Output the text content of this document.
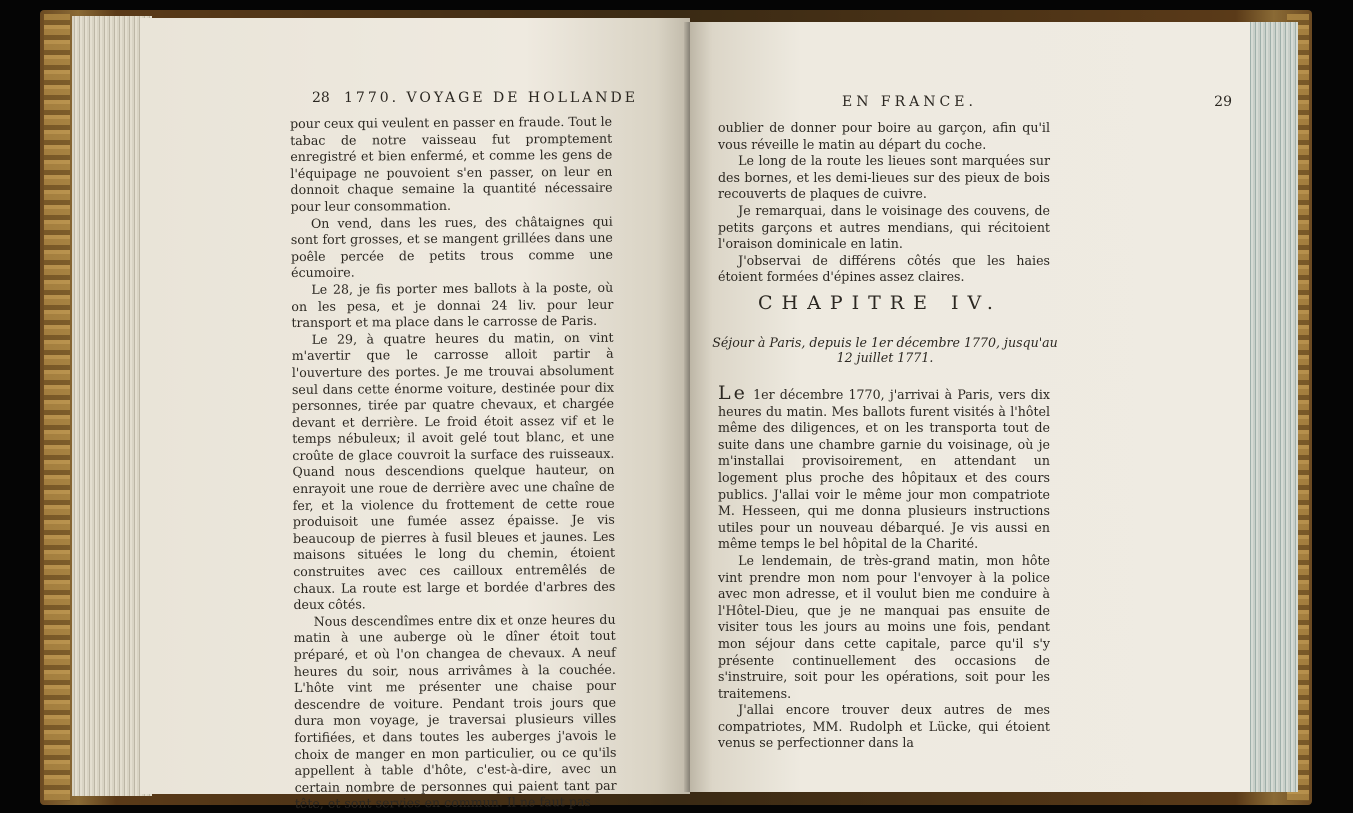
28 1770. VOYAGE DE HOLLANDE

pour ceux qui veulent en passer en fraude. Tout le tabac de notre vaisseau fut promptement enregistré et bien enfermé, et comme les gens de l'équipage ne pouvoient s'en passer, on leur en donnoit chaque semaine la quantité nécessaire pour leur consommation.

On vend, dans les rues, des châtaignes qui sont fort grosses, et se mangent grillées dans une poêle percée de petits trous comme une écumoire.

Le 28, je fis porter mes ballots à la poste, où on les pesa, et je donnai 24 liv. pour leur transport et ma place dans le carrosse de Paris.

Le 29, à quatre heures du matin, on vint m'avertir que le carrosse alloit partir à l'ouverture des portes. Je me trouvai absolument seul dans cette énorme voiture, destinée pour dix personnes, tirée par quatre chevaux, et chargée devant et derrière. Le froid étoit assez vif et le temps nébuleux; il avoit gelé tout blanc, et une croûte de glace couvroit la surface des ruisseaux. Quand nous descendions quelque hauteur, on enrayoit une roue de derrière avec une chaîne de fer, et la violence du frottement de cette roue produisoit une fumée assez épaisse. Je vis beaucoup de pierres à fusil bleues et jaunes. Les maisons situées le long du chemin, étoient construites avec ces cailloux entremêlés de chaux. La route est large et bordée d'arbres des deux côtés.

Nous descendîmes entre dix et onze heures du matin à une auberge où le dîner étoit tout préparé, et où l'on changea de chevaux. A neuf heures du soir, nous arrivâmes à la couchée. L'hôte vint me présenter une chaise pour descendre de voiture. Pendant trois jours que dura mon voyage, je traversai plusieurs villes fortifiées, et dans toutes les auberges j'avois le choix de manger en mon particulier, ou ce qu'ils appellent à table d'hôte, c'est-à-dire, avec un certain nombre de personnes qui paient tant par tête, et sont servies en commun. Il ne faut pas

EN FRANCE.	29

oublier de donner pour boire au garçon, afin qu'il vous réveille le matin au départ du coche.

Le long de la route les lieues sont marquées sur des bornes, et les demi-lieues sur des pieux de bois recouverts de plaques de cuivre.

Je remarquai, dans le voisinage des couvens, de petits garçons et autres mendians, qui récitoient l'oraison dominicale en latin.

J'observai de différens côtés que les haies étoient formées d'épines assez claires.

CHAPITRE IV.
Séjour à Paris, depuis le 1er décembre 1770, jusqu'au 12 juillet 1771.

Le 1er décembre 1770, j'arrivai à Paris, vers dix heures du matin. Mes ballots furent visités à l'hôtel même des diligences, et on les transporta tout de suite dans une chambre garnie du voisinage, où je m'installai provisoirement, en attendant un logement plus proche des hôpitaux et des cours publics. J'allai voir le même jour mon compatriote M. Hesseen, qui me donna plusieurs instructions utiles pour un nouveau débarqué. Je vis aussi en même temps le bel hôpital de la Charité.

Le lendemain, de très-grand matin, mon hôte vint prendre mon nom pour l'envoyer à la police avec mon adresse, et il voulut bien me conduire à l'Hôtel-Dieu, que je ne manquai pas ensuite de visiter tous les jours au moins une fois, pendant mon séjour dans cette capitale, parce qu'il s'y présente continuellement des occasions de s'instruire, soit pour les opérations, soit pour les traitemens.

J'allai encore trouver deux autres de mes compatriotes, MM. Rudolph et Lücke, qui étoient venus se perfectionner dans la
